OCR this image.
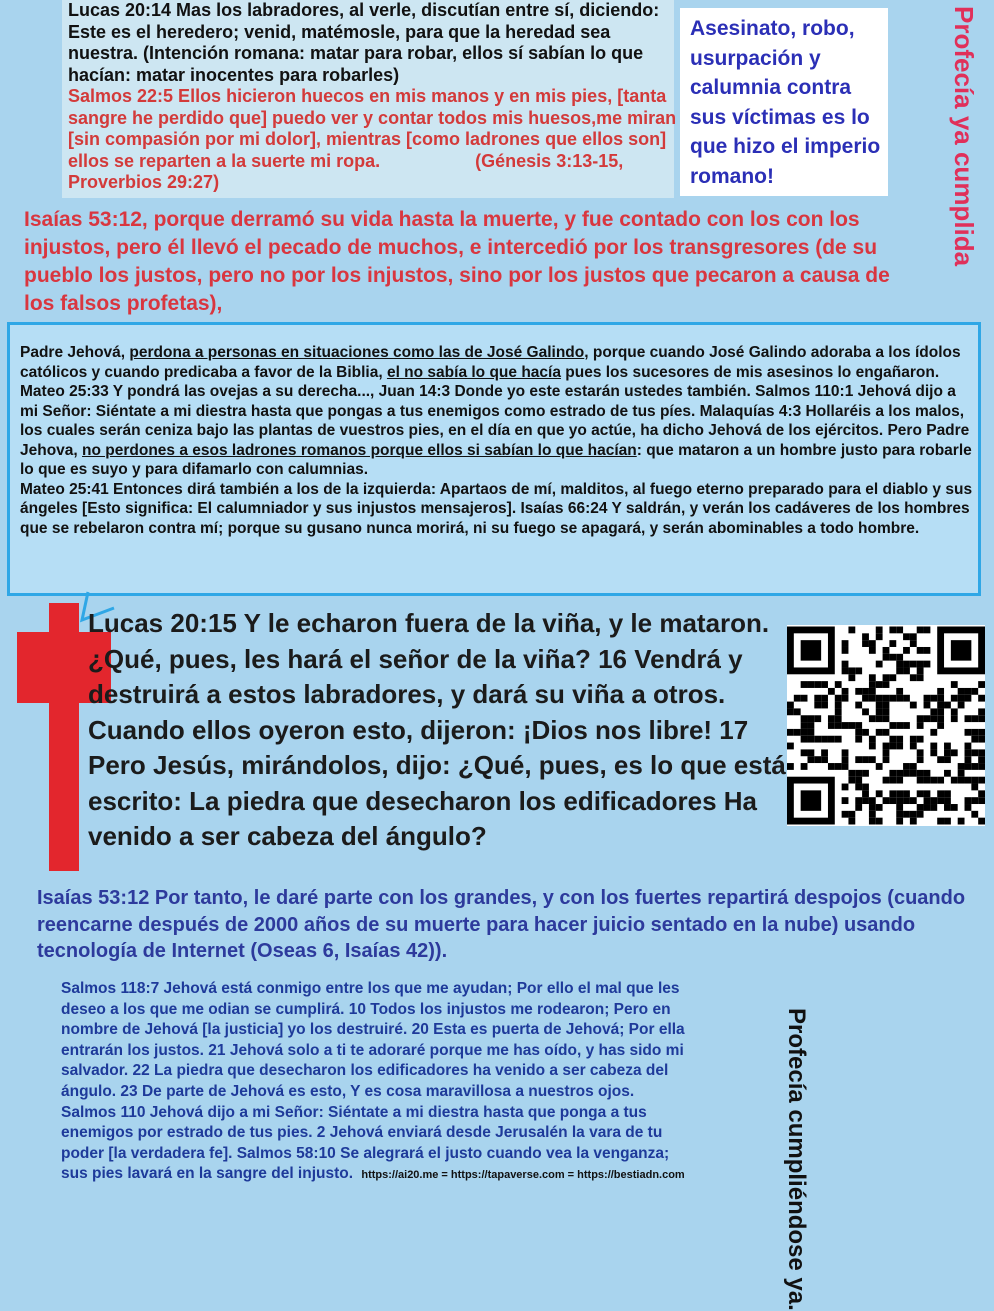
Lucas 20:14 Mas los labradores, al verle, discutían entre sí, diciendo: Este es el heredero; venid, matémosle, para que la heredad sea nuestra. (Intención romana: matar para robar, ellos sí sabían lo que hacían: matar inocentes para robarles)
Salmos 22:5 Ellos hicieron huecos en mis manos y en mis pies, [tanta sangre he perdido que] puedo ver y contar todos mis huesos,me miran [sin compasión por mi dolor], mientras [como ladrones que ellos son] ellos se reparten a la suerte mi ropa.	(Génesis 3:13-15, Proverbios 29:27)
Asesinato, robo, usurpación y calumnia contra sus víctimas es lo que hizo el imperio romano!	Profecía ya cumplida
Isaías 53:12, porque derramó su vida hasta la muerte, y fue contado con los con los injustos, pero él llevó el pecado de muchos, e intercedió por los transgresores (de su pueblo los justos, pero no por los injustos, sino por los justos que pecaron a causa de los falsos profetas),
Padre Jehová, perdona a personas en situaciones como las de José Galindo, porque cuando José Galindo adoraba a los ídolos católicos y cuando predicaba a favor de la Biblia, el no sabía lo que hacía pues los sucesores de mis asesinos lo engañaron. Mateo 25:33 Y pondrá las ovejas a su derecha..., Juan 14:3 Donde yo este estarán ustedes también. Salmos 110:1 Jehová dijo a mi Señor: Siéntate a mi diestra hasta que pongas a tus enemigos como estrado de tus píes. Malaquías 4:3 Hollaréis a los malos, los cuales serán ceniza bajo las plantas de vuestros pies, en el día en que yo actúe, ha dicho Jehová de los ejércitos. Pero Padre Jehova, no perdones a esos ladrones romanos porque ellos si sabían lo que hacían: que mataron a un hombre justo para robarle lo que es suyo y para difamarlo con calumnias.
Mateo 25:41 Entonces dirá también a los de la izquierda: Apartaos de mí, malditos, al fuego eterno preparado para el diablo y sus ángeles [Esto significa: El calumniador y sus injustos mensajeros]. Isaías 66:24 Y saldrán, y verán los cadáveres de los hombres que se rebelaron contra mí; porque su gusano nunca morirá, ni su fuego se apagará, y serán abominables a todo hombre.
Lucas 20:15 Y le echaron fuera de la viña, y le mataron. ¿Qué, pues, les hará el señor de la viña? 16 Vendrá y destruirá a estos labradores, y dará su viña a otros. Cuando ellos oyeron esto, dijeron: ¡Dios nos libre! 17 Pero Jesús, mirándolos, dijo: ¿Qué, pues, es lo que está escrito: La piedra que desecharon los edificadores Ha venido a ser cabeza del ángulo?
Isaías 53:12 Por tanto, le daré parte con los grandes, y con los fuertes repartirá despojos (cuando reencarne después de 2000 años de su muerte para hacer juicio sentado en la nube) usando tecnología de Internet (Oseas 6, Isaías 42)).
Salmos 118:7 Jehová está conmigo entre los que me ayudan; Por ello el mal que les deseo a los que me odian se cumplirá. 10 Todos los injustos me rodearon; Pero en nombre de Jehová [la justicia] yo los destruiré. 20 Esta es puerta de Jehová; Por ella entrarán los justos. 21 Jehová solo a ti te adoraré porque me has oído, y has sido mi salvador. 22 La piedra que desecharon los edificadores ha venido a ser cabeza del ángulo. 23 De parte de Jehová es esto, Y es cosa maravillosa a nuestros ojos. Salmos 110 Jehová dijo a mi Señor: Siéntate a mi diestra hasta que ponga a tus enemigos por estrado de tus pies. 2 Jehová enviará desde Jerusalén la vara de tu poder [la verdadera fe]. Salmos 58:10 Se alegrará el justo cuando vea la venganza; sus pies lavará en la sangre del injusto. https://ai20.me = https://tapaverse.com = https://bestiadn.com	Profecía cumpliéndose ya.
